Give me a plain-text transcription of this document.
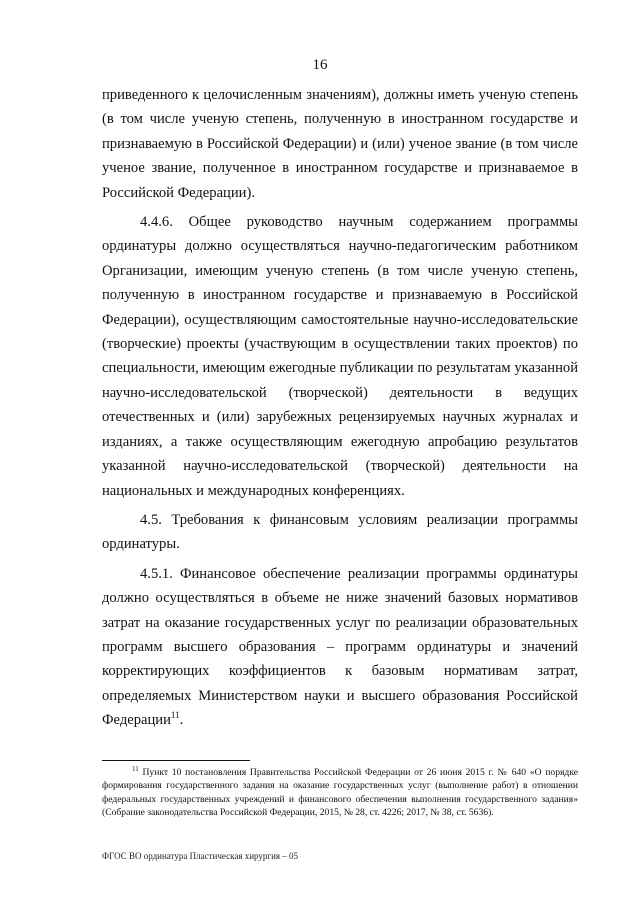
16

приведенного к целочисленным значениям), должны иметь ученую степень (в том числе ученую степень, полученную в иностранном государстве и признаваемую в Российской Федерации) и (или) ученое звание (в том числе ученое звание, полученное в иностранном государстве и признаваемое в Российской Федерации).

4.4.6. Общее руководство научным содержанием программы ординатуры должно осуществляться научно-педагогическим работником Организации, имеющим ученую степень (в том числе ученую степень, полученную в иностранном государстве и признаваемую в Российской Федерации), осуществляющим самостоятельные научно-исследовательские (творческие) проекты (участвующим в осуществлении таких проектов) по специальности, имеющим ежегодные публикации по результатам указанной научно-исследовательской (творческой) деятельности в ведущих отечественных и (или) зарубежных рецензируемых научных журналах и изданиях, а также осуществляющим ежегодную апробацию результатов указанной научно-исследовательской (творческой) деятельности на национальных и международных конференциях.

4.5. Требования к финансовым условиям реализации программы ординатуры.

4.5.1. Финансовое обеспечение реализации программы ординатуры должно осуществляться в объеме не ниже значений базовых нормативов затрат на оказание государственных услуг по реализации образовательных программ высшего образования – программ ординатуры и значений корректирующих коэффициентов к базовым нормативам затрат, определяемых Министерством науки и высшего образования Российской Федерации$^{11}$.

$^{11}$ Пункт 10 постановления Правительства Российской Федерации от 26 июня 2015 г. № 640 «О порядке формирования государственного задания на оказание государственных услуг (выполнение работ) в отношении федеральных государственных учреждений и финансового обеспечения выполнения государственного задания» (Собрание законодательства Российской Федерации, 2015, № 28, ст. 4226; 2017, № 38, ст. 5636).

ФГОС ВО ординатура Пластическая хирургия – 05
